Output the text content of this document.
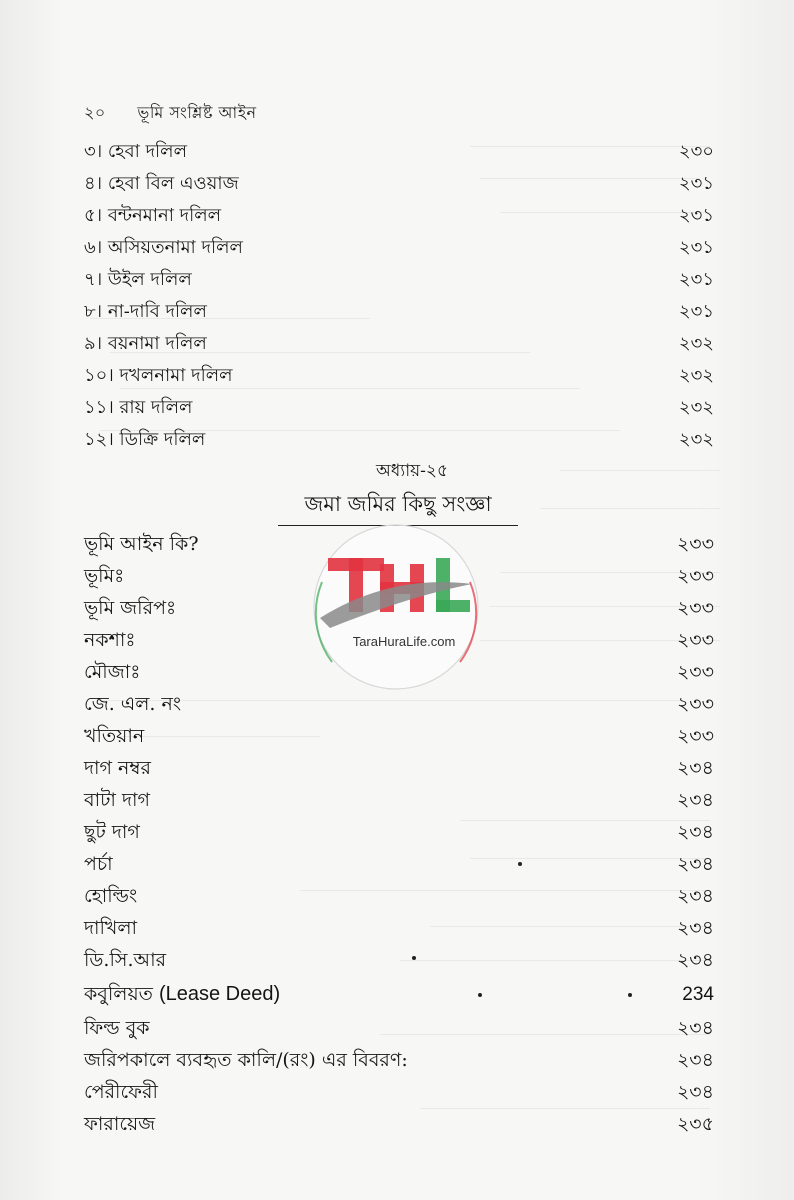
২০ ভূমি সংশ্লিষ্ট আইন
৩। হেবা দলিল	২৩০
৪। হেবা বিল এওয়াজ	২৩১
৫। বন্টনমানা দলিল	২৩১
৬। অসিয়তনামা দলিল	২৩১
৭। উইল দলিল	২৩১
৮। না-দাবি দলিল	২৩১
৯। বয়নামা দলিল	২৩২
১০। দখলনামা দলিল	২৩২
১১। রায় দলিল	২৩২
১২। ডিক্রি দলিল	২৩২
অধ্যায়-২৫
জমা জমির কিছু সংজ্ঞা
ভূমি আইন কি?	২৩৩
ভূমিঃ	২৩৩
ভূমি জরিপঃ	২৩৩
নকশাঃ	২৩৩
মৌজাঃ	২৩৩
জে. এল. নং	২৩৩
খতিয়ান	২৩৩
দাগ নম্বর	২৩৪
বাটা দাগ	২৩৪
ছুট দাগ	২৩৪
পর্চা	২৩৪
হোল্ডিং	২৩৪
দাখিলা	২৩৪
ডি.সি.আর	২৩৪
কবুলিয়ত (Lease Deed)	234
ফিল্ড বুক	২৩৪
জরিপকালে ব্যবহৃত কালি/(রং) এর বিবরণ:	২৩৪
পেরীফেরী	২৩৪
ফারায়েজ	২৩৫
TaraHuraLife.com
